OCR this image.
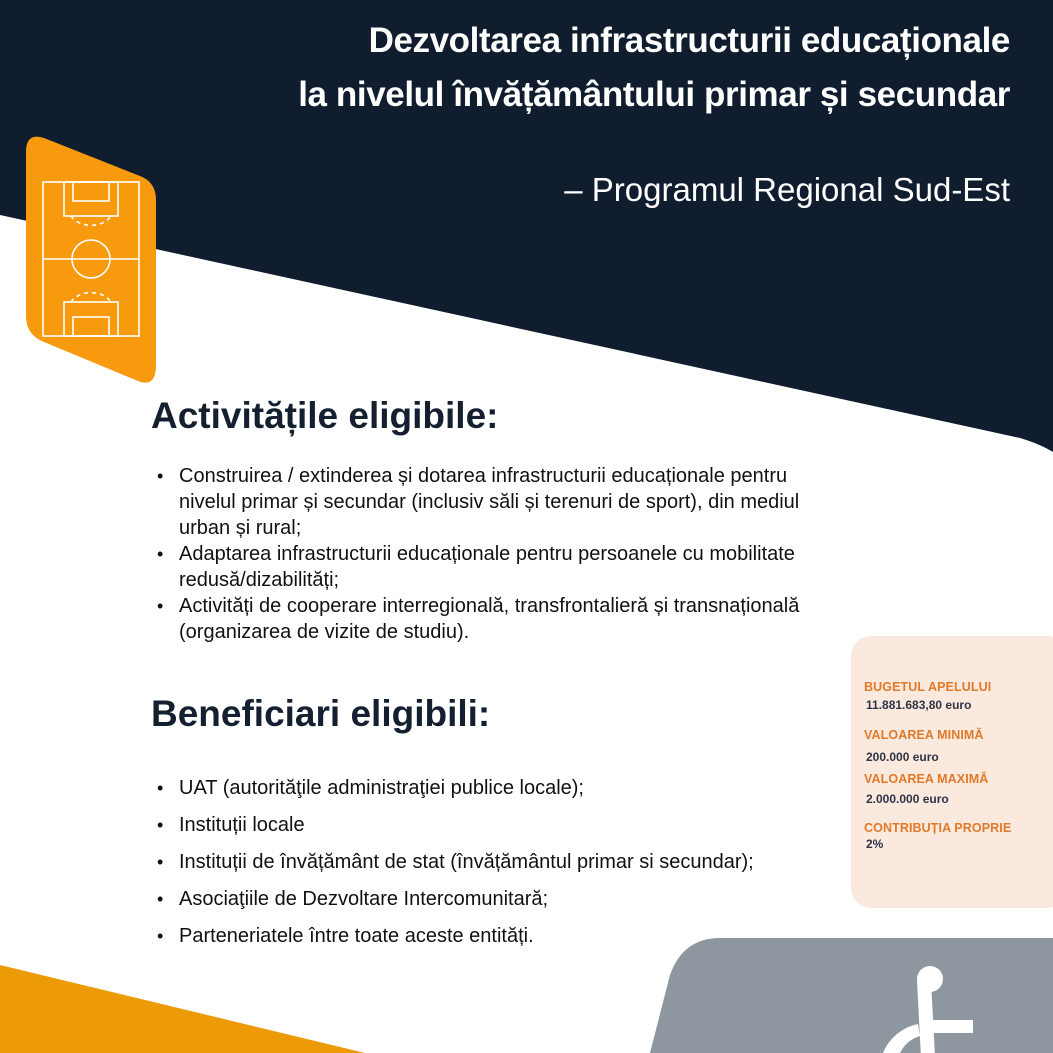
Dezvoltarea infrastructurii educaționale
la nivelul învățământului primar și secundar
– Programul Regional Sud-Est
Activitățile eligibile:
• Construirea / extinderea și dotarea infrastructurii educaționale pentru
nivelul primar și secundar (inclusiv săli și terenuri de sport), din mediul
urban și rural;
• Adaptarea infrastructurii educaționale pentru persoanele cu mobilitate
redusă/dizabilități;
• Activități de cooperare interregională, transfrontalieră și transnațională
(organizarea de vizite de studiu).
Beneficiari eligibili:
• UAT (autorităţile administraţiei publice locale);
• Instituții locale
• Instituții de învățământ de stat (învățământul primar si secundar);
• Asociaţiile de Dezvoltare Intercomunitară;
• Parteneriatele între toate aceste entități.
BUGETUL APELULUI
11.881.683,80 euro
VALOAREA MINIMĂ
200.000 euro
VALOAREA MAXIMĂ
2.000.000 euro
CONTRIBUȚIA PROPRIE
2%
